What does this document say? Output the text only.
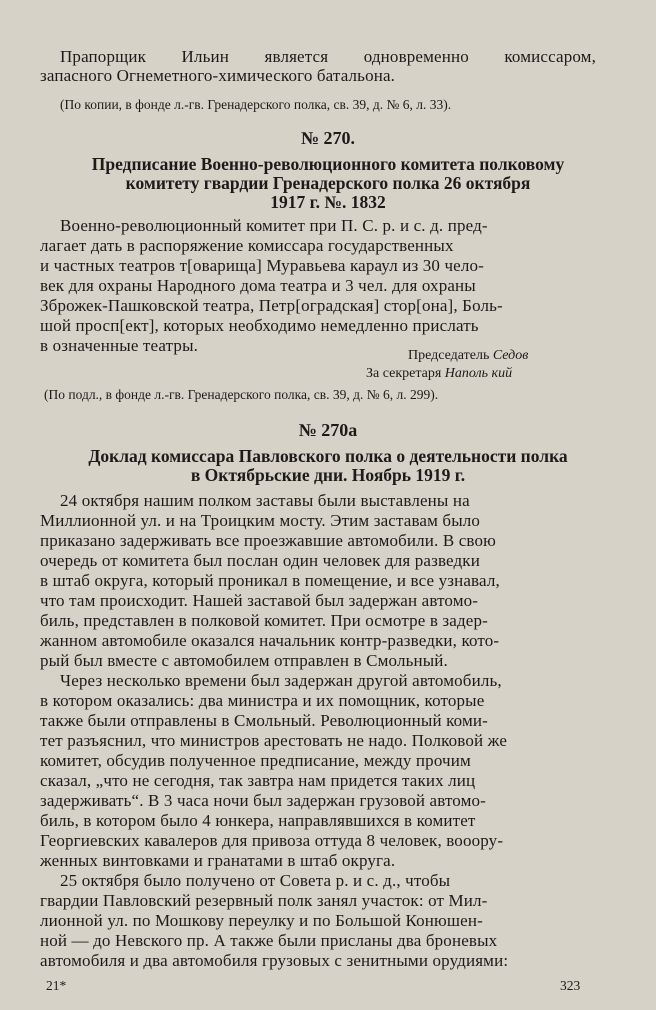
Прапорщик Ильин является одновременно комиссаром,
запасного Огнеметного-химического батальона.
(По копии, в фонде л.-гв. Гренадерского полка, св. 39, д. № 6, л. 33).
№ 270.
Предписание Военно-революционного комитета полковому
комитету гвардии Гренадерского полка 26 октября
1917 г. №. 1832
Военно-революционный комитет при П. С. р. и с. д. пред-
лагает дать в распоряжение комиссара государственных
и частных театров т[оварища] Муравьева караул из 30 чело-
век для охраны Народного дома театра и 3 чел. для охраны
Зброжек-Пашковской театра, Петр[оградская] стор[она], Боль-
шой просп[ект], которых необходимо немедленно прислать
в означенные театры.
Председатель Седов
За секретаря Наполь кий
(По подл., в фонде л.-гв. Гренадерского полка, св. 39, д. № 6, л. 299).
№ 270а
Доклад комиссара Павловского полка о деятельности полка
в Октябрьские дни. Ноябрь 1919 г.
24 октября нашим полком заставы были выставлены на
Миллионной ул. и на Троицким мосту. Этим заставам было
приказано задерживать все проезжавшие автомобили. В свою
очередь от комитета был послан один человек для разведки
в штаб округа, который проникал в помещение, и все узнавал,
что там происходит. Нашей заставой был задержан автомо-
биль, представлен в полковой комитет. При осмотре в задер-
жанном автомобиле оказался начальник контр-разведки, кото-
рый был вместе с автомобилем отправлен в Смольный.
Через несколько времени был задержан другой автомобиль,
в котором оказались: два министра и их помощник, которые
также были отправлены в Смольный. Революционный коми-
тет разъяснил, что министров арестовать не надо. Полковой же
комитет, обсудив полученное предписание, между прочим
сказал, „что не сегодня, так завтра нам придется таких лиц
задерживать“. В 3 часа ночи был задержан грузовой автомо-
биль, в котором было 4 юнкера, направлявшихся в комитет
Георгиевских кавалеров для привоза оттуда 8 человек, вооору-
женных винтовками и гранатами в штаб округа.
25 октября было получено от Совета р. и с. д., чтобы
гвардии Павловский резервный полк занял участок: от Мил-
лионной ул. по Мошкову переулку и по Большой Конюшен-
ной — до Невского пр. А также были присланы два броневых
автомобиля и два автомобиля грузовых с зенитными орудиями:
21*	323
